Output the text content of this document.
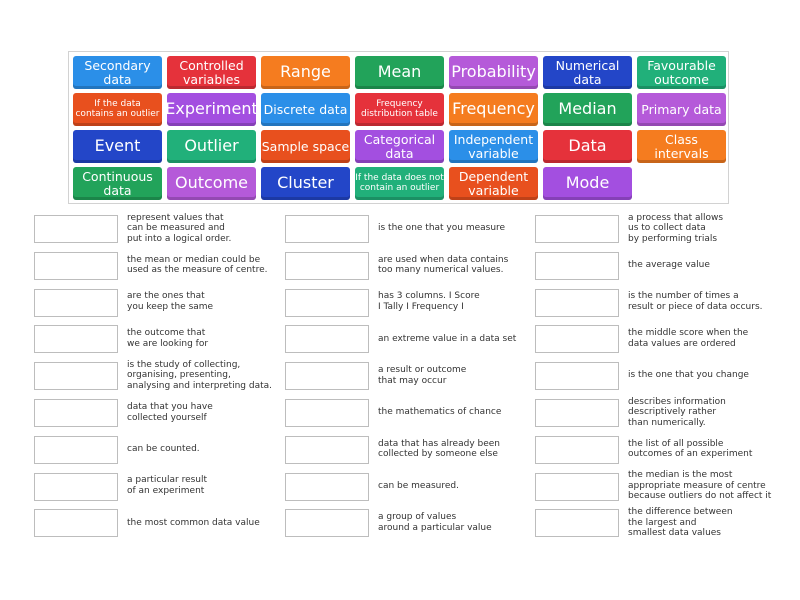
Secondary
data
Controlled
variables	Range	Mean Probability Numerical
data
Favourable
outcome
If the data
contains an outlier Experiment Discrete data	Frequency
distribution table Frequency Median Primary data
Event	Outlier Sample space Categorical
data
Independent
variable	Data	Class intervals
Continuous
data	Outcome Cluster If the data does not
contain an outlier
Dependent
variable	Mode
represent values that
can be measured and
put into a logical order.
the mean or median could be
used as the measure of centre.
are the ones that
you keep the same
the outcome that
we are looking for
is the study of collecting,
organising, presenting,
analysing and interpreting data.
data that you have
collected yourself
can be counted.
a particular result
of an experiment
the most common data value
is the one that you measure
are used when data contains
too many numerical values.
has 3 columns. I Score
I Tally I Frequency I
an extreme value in a data set
a result or outcome
that may occur
the mathematics of chance
data that has already been
collected by someone else
can be measured.
a group of values
around a particular value
a process that allows
us to collect data
by performing trials
the average value
is the number of times a
result or piece of data occurs.
the middle score when the
data values are ordered
is the one that you change
describes information
descriptively rather
than numerically.
the list of all possible
outcomes of an experiment
the median is the most
appropriate measure of centre
because outliers do not affect it
the difference between
the largest and
smallest data values
